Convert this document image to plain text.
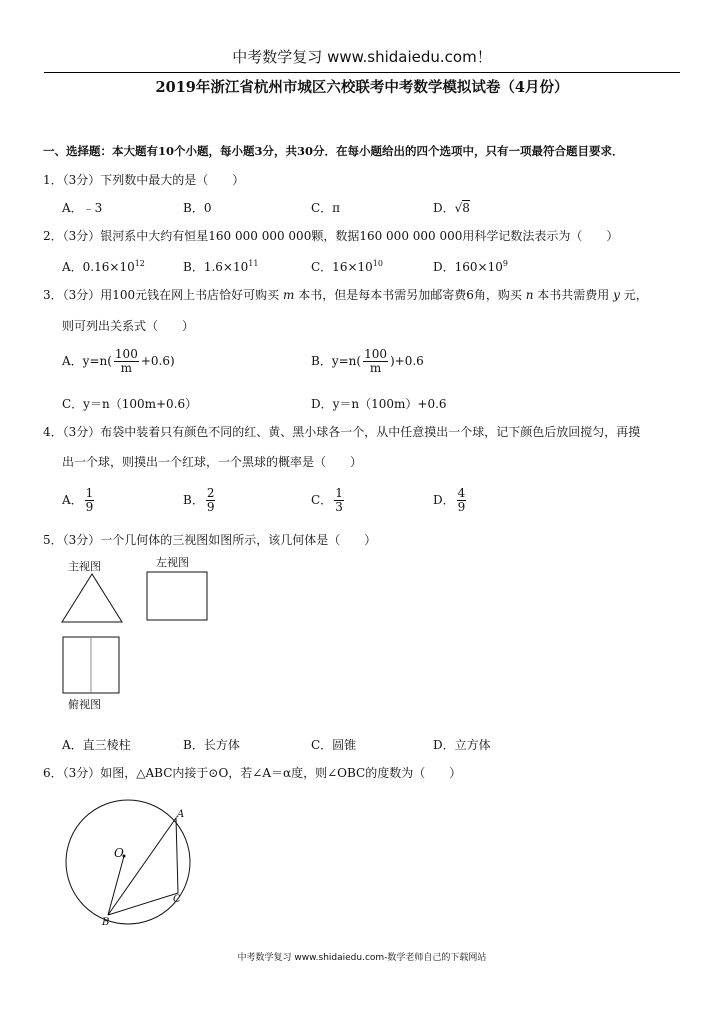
中考数学复习 www.shidaiedu.com！
2019年浙江省杭州市城区六校联考中考数学模拟试卷（4月份）
一、选择题：本大题有10个小题，每小题3分，共30分．在每小题给出的四个选项中，只有一项最符合题目要求．
1．（3分）下列数中最大的是（　　）
A．﹣3	B．0	C．π	D．√8
2．（3分）银河系中大约有恒星160 000 000 000颗，数据160 000 000 000用科学记数法表示为（　　）
A．$0.16\times 10^{12}$	B．$1.6\times 10^{11}$	C．$16\times 10^{10}$	D．$160\times 10^9$
3．（3分）用100元钱在网上书店恰好可购买 m 本书，但是每本书需另加邮寄费6角，购买 n 本书共需费用 y 元，
则可列出关系式（　　）
A．$y=n( \frac{100}{m} +0.6)$	B．$y=n( \frac{100}{m} )+0.6$
C．y＝n（100m+0.6）	D．y＝n（100m）+0.6
4．（3分）布袋中装着只有颜色不同的红、黄、黑小球各一个，从中任意摸出一个球，记下颜色后放回搅匀，再摸
出一个球，则摸出一个红球，一个黑球的概率是（　　）
A． $\frac{1}{9}$	B． $\frac{2}{9}$	C． $\frac{1}{3}$	D． $\frac{4}{9}$
5．（3分）一个几何体的三视图如图所示，该几何体是（　　）
主视图	左视图
俯视图
A．直三棱柱	B．长方体	C．圆锥	D．立方体
6．（3分）如图，△ABC内接于⊙O，若∠A＝α度，则∠OBC的度数为（　　）
O
A
B
C
中考数学复习 www.shidaiedu.com-数学老师自己的下载网站
